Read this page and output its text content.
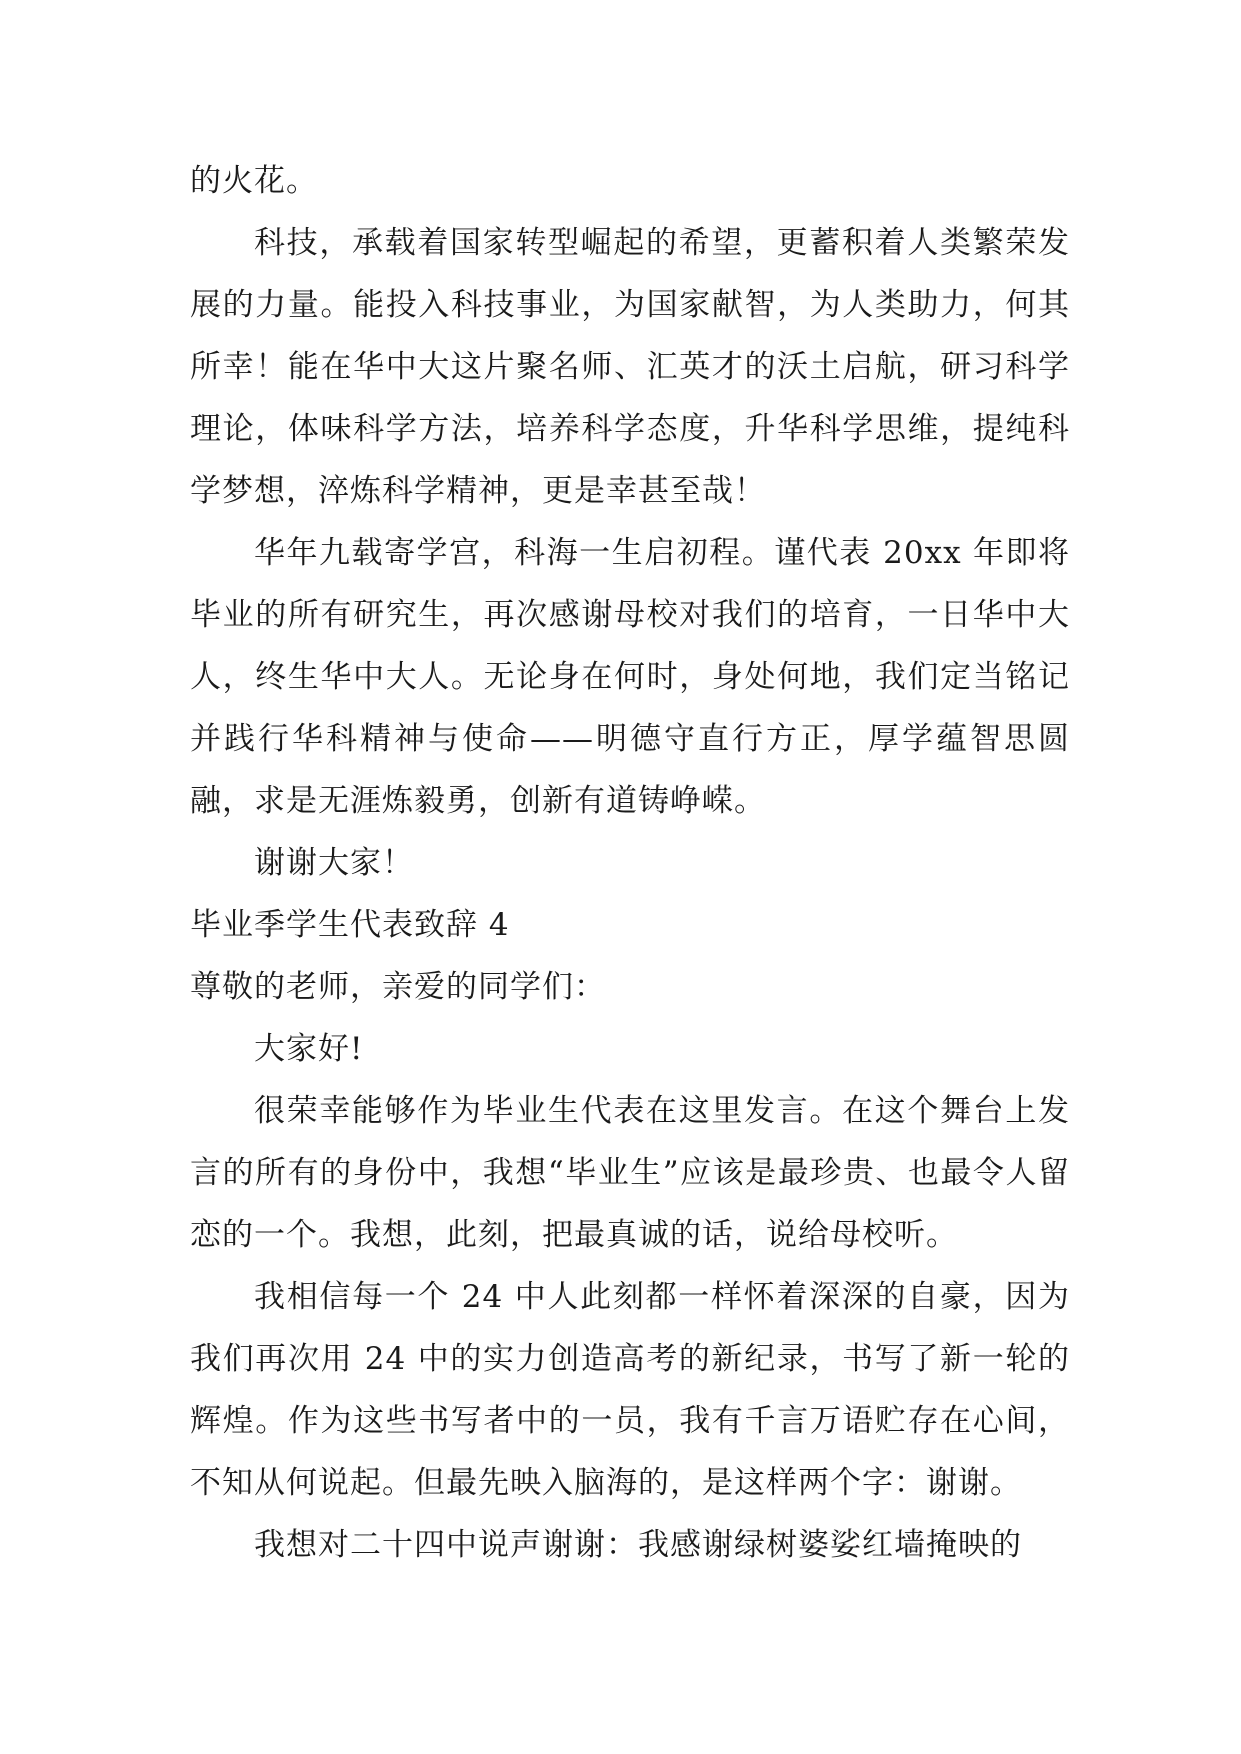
的火花。

科技，承载着国家转型崛起的希望，更蓄积着人类繁荣发展的力量。能投入科技事业，为国家献智，为人类助力，何其所幸！能在华中大这片聚名师、汇英才的沃土启航，研习科学理论，体味科学方法，培养科学态度，升华科学思维，提纯科学梦想，淬炼科学精神，更是幸甚至哉！

华年九载寄学宫，科海一生启初程。谨代表 20xx 年即将毕业的所有研究生，再次感谢母校对我们的培育，一日华中大人，终生华中大人。无论身在何时，身处何地，我们定当铭记并践行华科精神与使命——明德守直行方正，厚学蕴智思圆融，求是无涯炼毅勇，创新有道铸峥嵘。

谢谢大家！

毕业季学生代表致辞 4

尊敬的老师，亲爱的同学们：

大家好!

很荣幸能够作为毕业生代表在这里发言。在这个舞台上发言的所有的身份中，我想“毕业生”应该是最珍贵、也最令人留恋的一个。我想，此刻，把最真诚的话，说给母校听。

我相信每一个 24 中人此刻都一样怀着深深的自豪，因为我们再次用 24 中的实力创造高考的新纪录，书写了新一轮的辉煌。作为这些书写者中的一员，我有千言万语贮存在心间，不知从何说起。但最先映入脑海的，是这样两个字：谢谢。

我想对二十四中说声谢谢：我感谢绿树婆娑红墙掩映的
